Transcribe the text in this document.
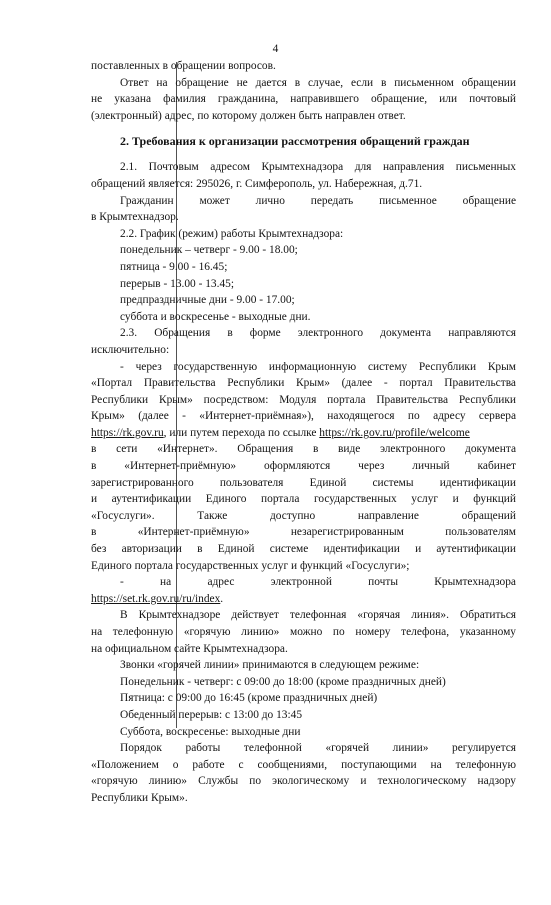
4

поставленных в обращении вопросов.

Ответ на обращение не дается в случае, если в письменном обращении

не указана фамилия гражданина, направившего обращение, или почтовый

(электронный) адрес, по которому должен быть направлен ответ.

2. Требования к организации рассмотрения обращений граждан

2.1. Почтовым адресом Крымтехнадзора для направления письменных

обращений является: 295026, г. Симферополь, ул. Набережная, д.71.

Гражданин может лично передать письменное обращение

в Крымтехнадзор.

2.2. График (режим) работы Крымтехнадзора:

понедельник – четверг - 9.00 - 18.00;

пятница - 9.00 - 16.45;

перерыв - 13.00 - 13.45;

предпраздничные дни - 9.00 - 17.00;

суббота и воскресенье - выходные дни.

2.3. Обращения в форме электронного документа направляются

исключительно:

- через государственную информационную систему Республики Крым

«Портал Правительства Республики Крым» (далее - портал Правительства

Республики Крым» посредством: Модуля портала Правительства Республики

Крым» (далее - «Интернет-приёмная»), находящегося по адресу сервера

https://rk.gov.ru, или путем перехода по ссылке https://rk.gov.ru/profile/welcome

в сети «Интернет». Обращения в виде электронного документа

в «Интернет-приёмную» оформляются через личный кабинет

зарегистрированного пользователя Единой системы идентификации

и аутентификации Единого портала государственных услуг и функций

«Госуслуги». Также доступно направление обращений

в «Интернет-приёмную» незарегистрированным пользователям

без авторизации в Единой системе идентификации и аутентификации

Единого портала государственных услуг и функций «Госуслуги»;

- на адрес электронной почты Крымтехнадзора

https://set.rk.gov.ru/ru/index.

В Крымтехнадзоре действует телефонная «горячая линия». Обратиться

на телефонную «горячую линию» можно по номеру телефона, указанному

на официальном сайте Крымтехнадзора.

Звонки «горячей линии» принимаются в следующем режиме:

Понедельник - четверг: с 09:00 до 18:00 (кроме праздничных дней)

Пятница: с 09:00 до 16:45 (кроме праздничных дней)

Обеденный перерыв: с 13:00 до 13:45

Суббота, воскресенье: выходные дни

Порядок работы телефонной «горячей линии» регулируется

«Положением о работе с сообщениями, поступающими на телефонную

«горячую линию» Службы по экологическому и технологическому надзору

Республики Крым».
